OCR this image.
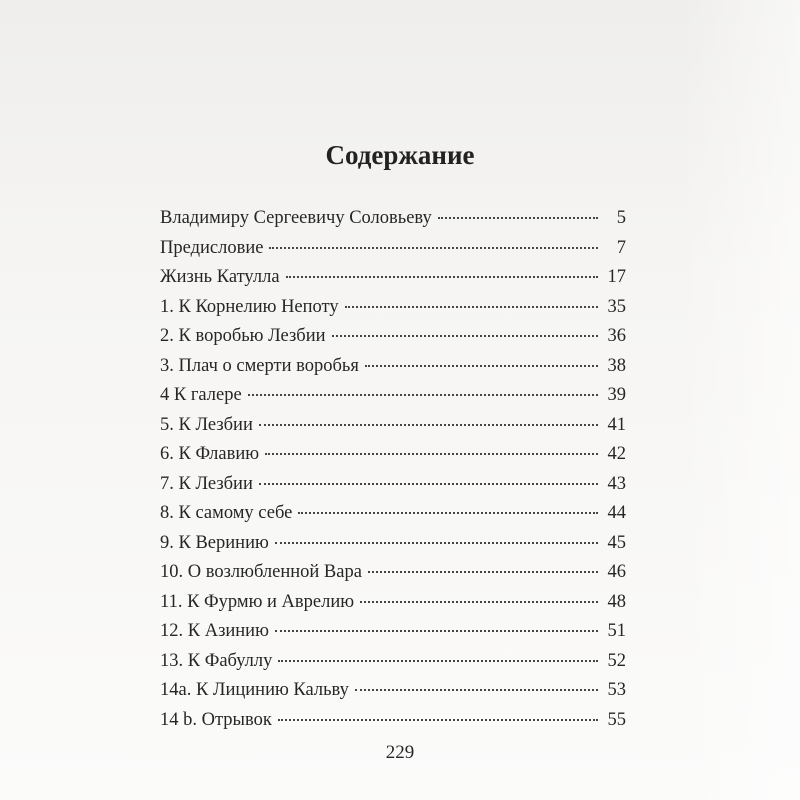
Содержание
Владимиру Сергеевичу Соловьеву	5
Предисловие	7
Жизнь Катулла	17
1. К Корнелию Непоту	35
2. К воробью Лезбии	36
3. Плач о смерти воробья	38
4 К галере	39
5. К Лезбии	41
6. К Флавию	42
7. К Лезбии	43
8. К самому себе	44
9. К Веринию	45
10. О возлюбленной Вара	46
11. К Фурмю и Аврелию	48
12. К Азинию	51
13. К Фабуллу	52
14a. К Лицинию Кальву	53
14 b. Отрывок	55
229
